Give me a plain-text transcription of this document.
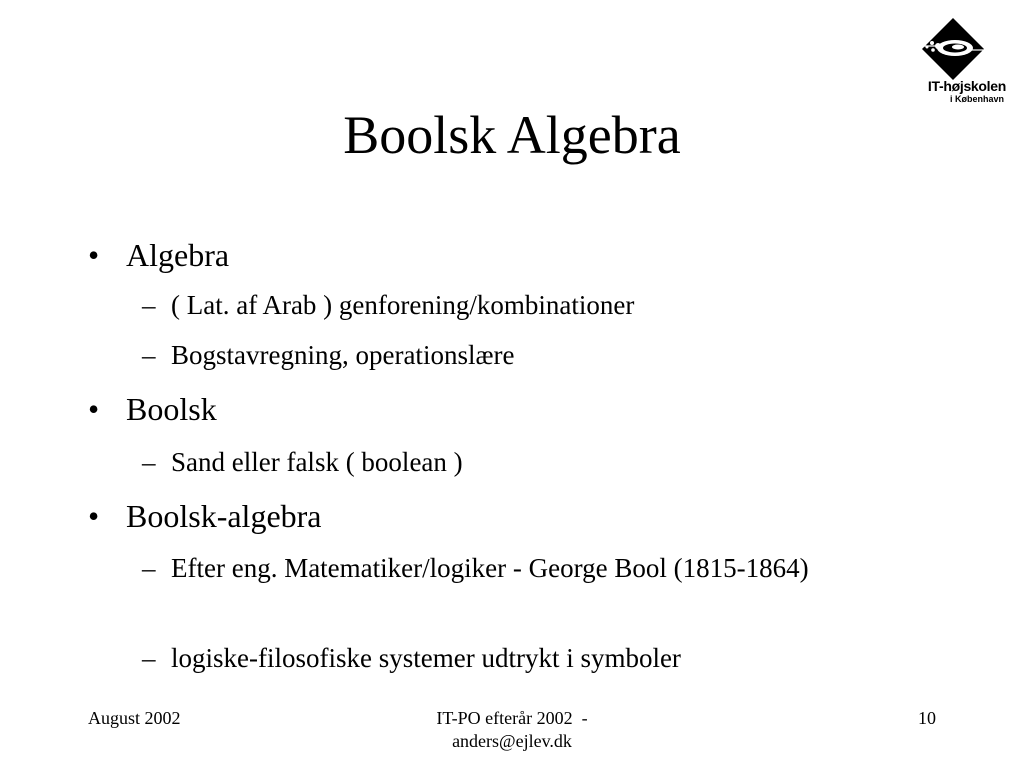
IT-højskolen
i København
Boolsk Algebra
• Algebra
– ( Lat. af Arab ) genforening/kombinationer
– Bogstavregning, operationslære
• Boolsk
– Sand eller falsk ( boolean )
• Boolsk-algebra
– Efter eng. Matematiker/logiker - George Bool (1815-1864)
– logiske-filosofiske systemer udtrykt i symboler
August 2002	IT-PO efterår 2002  -
anders@ejlev.dk
10
